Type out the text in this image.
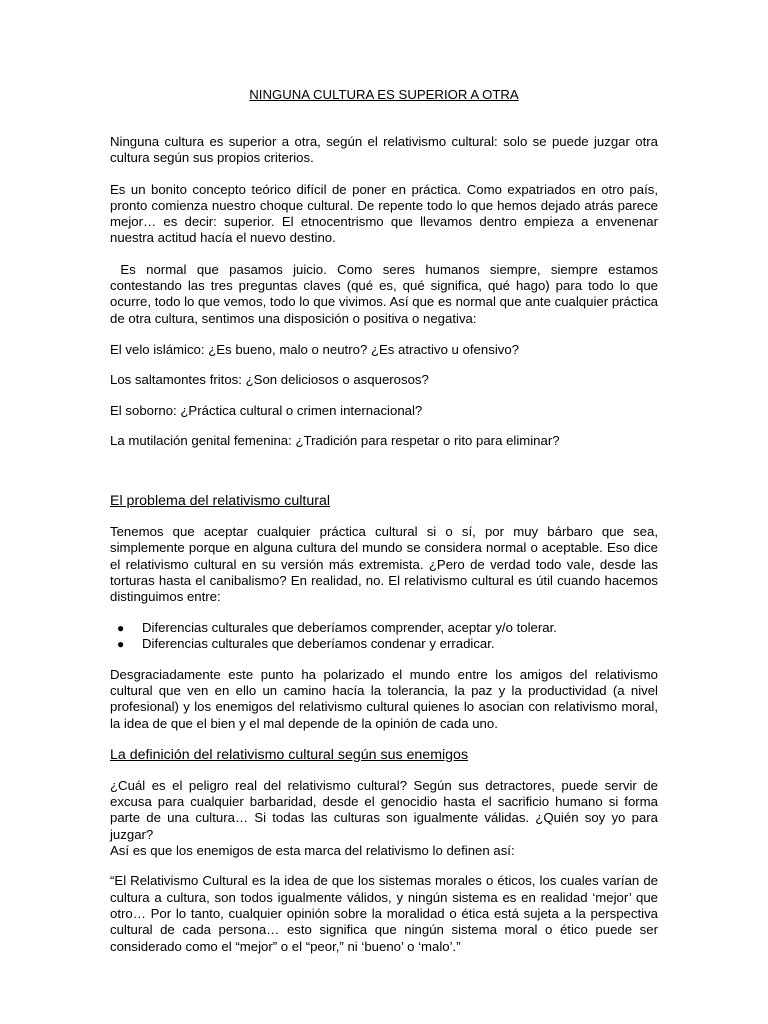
NINGUNA CULTURA ES SUPERIOR A OTRA

Ninguna cultura es superior a otra, según el relativismo cultural: solo se puede juzgar otra cultura según sus propios criterios.

Es un bonito concepto teórico difícil de poner en práctica. Como expatriados en otro país, pronto comienza nuestro choque cultural. De repente todo lo que hemos dejado atrás parece mejor… es decir: superior. El etnocentrismo que llevamos dentro empieza a envenenar nuestra actitud hacía el nuevo destino.

Es normal que pasamos juicio. Como seres humanos siempre, siempre estamos contestando las tres preguntas claves (qué es, qué significa, qué hago) para todo lo que ocurre, todo lo que vemos, todo lo que vivimos. Así que es normal que ante cualquier práctica de otra cultura, sentimos una disposición o positiva o negativa:

El velo islámico: ¿Es bueno, malo o neutro? ¿Es atractivo u ofensivo?

Los saltamontes fritos: ¿Son deliciosos o asquerosos?

El soborno: ¿Práctica cultural o crimen internacional?

La mutilación genital femenina: ¿Tradición para respetar o rito para eliminar?

El problema del relativismo cultural

Tenemos que aceptar cualquier práctica cultural si o sí, por muy bárbaro que sea, simplemente porque en alguna cultura del mundo se considera normal o aceptable. Eso dice el relativismo cultural en su versión más extremista. ¿Pero de verdad todo vale, desde las torturas hasta el canibalismo? En realidad, no. El relativismo cultural es útil cuando hacemos distinguimos entre:

● Diferencias culturales que deberíamos comprender, aceptar y/o tolerar.
● Diferencias culturales que deberíamos condenar y erradicar.

Desgraciadamente este punto ha polarizado el mundo entre los amigos del relativismo cultural que ven en ello un camino hacía la tolerancia, la paz y la productividad (a nivel profesional) y los enemigos del relativismo cultural quienes lo asocian con relativismo moral, la idea de que el bien y el mal depende de la opinión de cada uno.

La definición del relativismo cultural según sus enemigos

¿Cuál es el peligro real del relativismo cultural? Según sus detractores, puede servir de excusa para cualquier barbaridad, desde el genocidio hasta el sacrificio humano si forma parte de una cultura… Si todas las culturas son igualmente válidas. ¿Quién soy yo para juzgar?

Así es que los enemigos de esta marca del relativismo lo definen así:

“El Relativismo Cultural es la idea de que los sistemas morales o éticos, los cuales varían de cultura a cultura, son todos igualmente válidos, y ningún sistema es en realidad ‘mejor’ que otro… Por lo tanto, cualquier opinión sobre la moralidad o ética está sujeta a la perspectiva cultural de cada persona… esto significa que ningún sistema moral o ético puede ser considerado como el “mejor” o el “peor,” ni ‘bueno’ o ‘malo’.”
